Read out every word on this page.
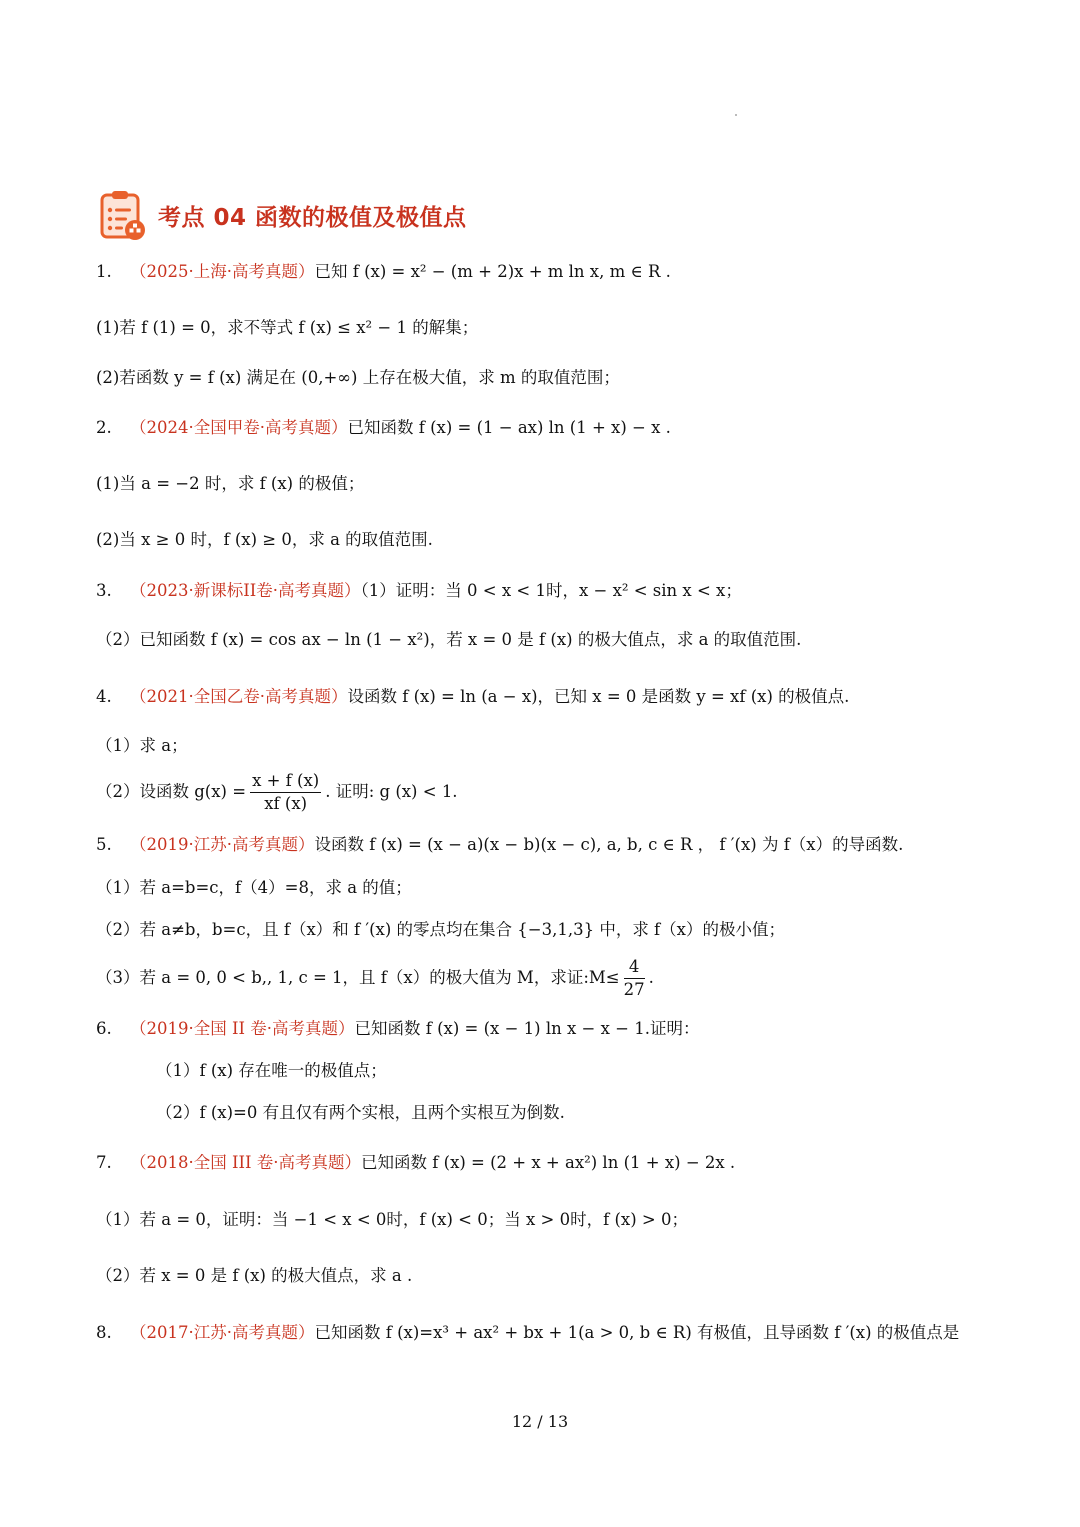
考点 04 函数的极值及极值点
1. （2025·上海·高考真题）已知 f (x) = x² − (m + 2)x + m ln x, m ∈ R .
(1)若 f (1) = 0，求不等式 f (x) ≤ x² − 1 的解集；
(2)若函数 y = f (x) 满足在 (0,+∞) 上存在极大值，求 m 的取值范围；
2. （2024·全国甲卷·高考真题）已知函数 f (x) = (1 − ax) ln (1 + x) − x .
(1)当 a = −2 时，求 f (x) 的极值；
(2)当 x ≥ 0 时，f (x) ≥ 0，求 a 的取值范围.
3. （2023·新课标II卷·高考真题）（1）证明：当 0 < x < 1时，x − x² < sin x < x；
（2）已知函数 f (x) = cos ax − ln (1 − x²)，若 x = 0 是 f (x) 的极大值点，求 a 的取值范围.
4. （2021·全国乙卷·高考真题）设函数 f (x) = ln (a − x)，已知 x = 0 是函数 y = xf (x) 的极值点.
（1）求 a；
（2）设函数 $g(x) = \frac{x + f (x)}{xf (x)}$ . 证明: g (x) < 1.
5. （2019·江苏·高考真题）设函数 f (x) = (x − a)(x − b)(x − c), a, b, c ∈ R ， f ′(x) 为 f（x）的导函数.
（1）若 a=b=c，f（4）=8，求 a 的值；
（2）若 a≠b，b=c，且 f（x）和 f ′(x) 的零点均在集合 {−3,1,3} 中，求 f（x）的极小值；
（3）若 a = 0, 0 < b,, 1, c = 1，且 f（x）的极大值为 M，求证:M≤ $\frac{4}{27}$ .
6. （2019·全国 II 卷·高考真题）已知函数 f (x) = (x − 1) ln x − x − 1.证明：
（1）f (x) 存在唯一的极值点；
（2）f (x)=0 有且仅有两个实根，且两个实根互为倒数.
7. （2018·全国 III 卷·高考真题）已知函数 f (x) = (2 + x + ax²) ln (1 + x) − 2x .
（1）若 a = 0，证明：当 −1 < x < 0时，f (x) < 0；当 x > 0时，f (x) > 0；
（2）若 x = 0 是 f (x) 的极大值点，求 a .
8. （2017·江苏·高考真题）已知函数 f (x)=x³ + ax² + bx + 1(a > 0, b ∈ R) 有极值，且导函数 f ′(x) 的极值点是
12 / 13
